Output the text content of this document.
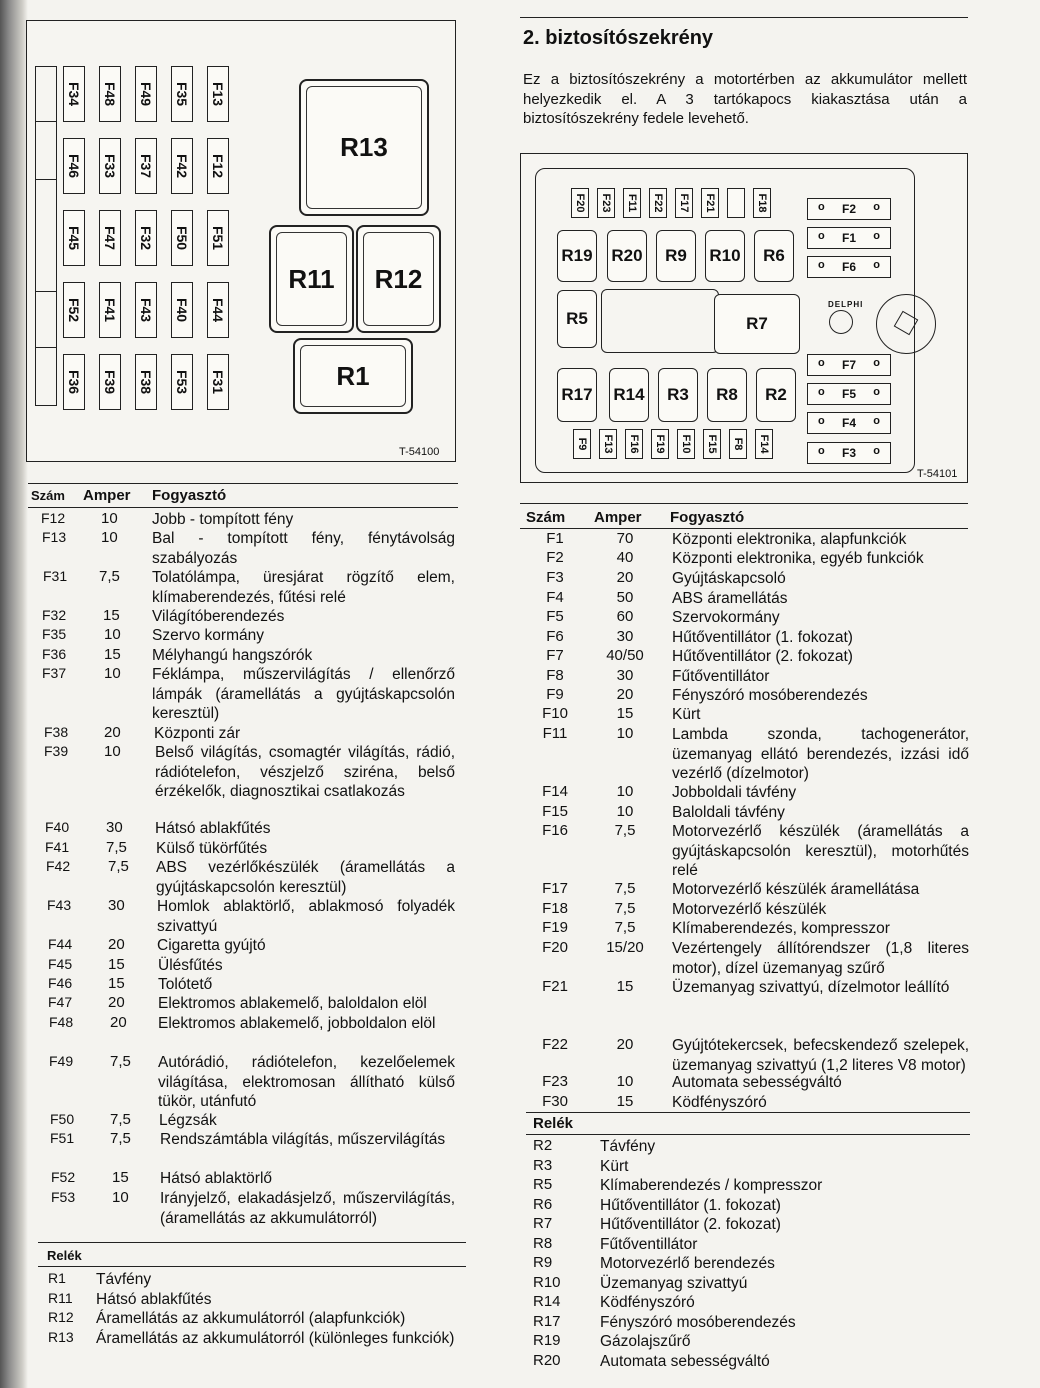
F34
F46
F45
F52
F36
F48
F33
F47
F41
F39
F49
F37
F32
F43
F38
F35
F42
F50
F40
F53
F13
F12
F51
F44
F31
R13
R11	R12
R1
T-54100
Szám Amper Fogyasztó
F12 10 Jobb - tompított fény
F13 10 Bal - tompított fény, fénytávolság szabályozás
F31 7,5 Tolatólámpa, üresjárat rögzítő elem, klímaberendezés, fűtési relé
F32 15 Világítóberendezés
F35	10 Szervo kormány
F36	15 Mélyhangú hangszórók
F37	10 Féklámpa, műszervilágítás / ellenőrző lámpák (áramellátás a gyújtáskapcsolón keresztül)
F38 20 Központi zár
F39 10 Belső világítás, csomagtér világítás, rádió, rádiótelefon, vészjelző sziréna, belső érzékelők, diagnosztikai csatlakozás
F40 30 Hátsó ablakfűtés
F41 7,5 Külső tükörfűtés
F42	7,5 ABS vezérlőkészülék (áramellátás a gyújtáskapcsolón keresztül)
F43 30 Homlok ablaktörlő, ablakmosó folyadék szivattyú
F44 20 Cigaretta gyújtó
F45 15 Ülésfűtés
F46 15 Tolótető
F47 20 Elektromos ablakemelő, baloldalon elöl
F48 20 Elektromos ablakemelő, jobboldalon elöl
F49 7,5 Autórádió, rádiótelefon, kezelőelemek világítása, elektromosan állítható külső tükör, utánfutó
F50 7,5 Légzsák
F51 7,5 Rendszámtábla világítás, műszervilágítás
F52 15 Hátsó ablaktörlő
F53 10 Irányjelző, elakadásjelző, műszervilágítás, (áramellátás az akkumulátorról)
Relék
R1 Távfény
R11 Hátsó ablakfűtés
R12 Áramellátás az akkumulátorról (alapfunkciók)
R13 Áramellátás az akkumulátorról (különleges funkciók)
2. biztosítószekrény
Ez a biztosítószekrény a motortérben az akkumulátor mellett helyezkedik el. A 3 tartókapocs kiakasztása után a biztosítószekrény fedele levehető.
F20 F23 F11 F22 F17 F21	F18
F9 F13 F16 F19 F10 F15 F8 F14
R19 R20	R9	R10	R6
R5	R7
R17 R14	R3	R8	R2
o F2 o
o F1 o
o F6 o
o F7 o
o F5 o
o F4 o
o F3 o
DELPHI
T-54101
Szám Amper Fogyasztó
F1	70	Központi elektronika, alapfunkciók
F2	40	Központi elektronika, egyéb funkciók
F3	20	Gyújtáskapcsoló
F4	50	ABS áramellátás
F5	60	Szervokormány
F6	30	Hűtőventillátor (1. fokozat)
F7	40/50	Hűtőventillátor (2. fokozat)
F8	30	Fűtőventillátor
F9	20	Fényszóró mosóberendezés
F10	15	Kürt
F11	10	Lambda szonda, tachogenerátor, üzemanyag ellátó berendezés, izzási idő vezérlő (dízelmotor)
F14	10	Jobboldali távfény
F15	10	Baloldali távfény
F16	7,5	Motorvezérlő készülék (áramellátás a gyújtáskapcsolón keresztül), motorhűtés relé
F17	7,5	Motorvezérlő készülék áramellátása
F18	7,5	Motorvezérlő készülék
F19	7,5	Klímaberendezés, kompresszor
F20	15/20	Vezértengely állítórendszer (1,8 literes motor), dízel üzemanyag szűrő
F21	15	Üzemanyag szivattyú, dízelmotor leállító
F22	20	Gyújtótekercsek, befecskendező szelepek, üzemanyag szivattyú (1,2 literes V8 motor)
F23	10	Automata sebességváltó
F30	15	Ködfényszóró
Relék
R2	Távfény
R3	Kürt
R5	Klímaberendezés / kompresszor
R6	Hűtőventillátor (1. fokozat)
R7	Hűtőventillátor (2. fokozat)
R8	Fűtőventillátor
R9	Motorvezérlő berendezés
R10	Üzemanyag szivattyú
R14	Ködfényszóró
R17	Fényszóró mosóberendezés
R19	Gázolajszűrő
R20	Automata sebességváltó
